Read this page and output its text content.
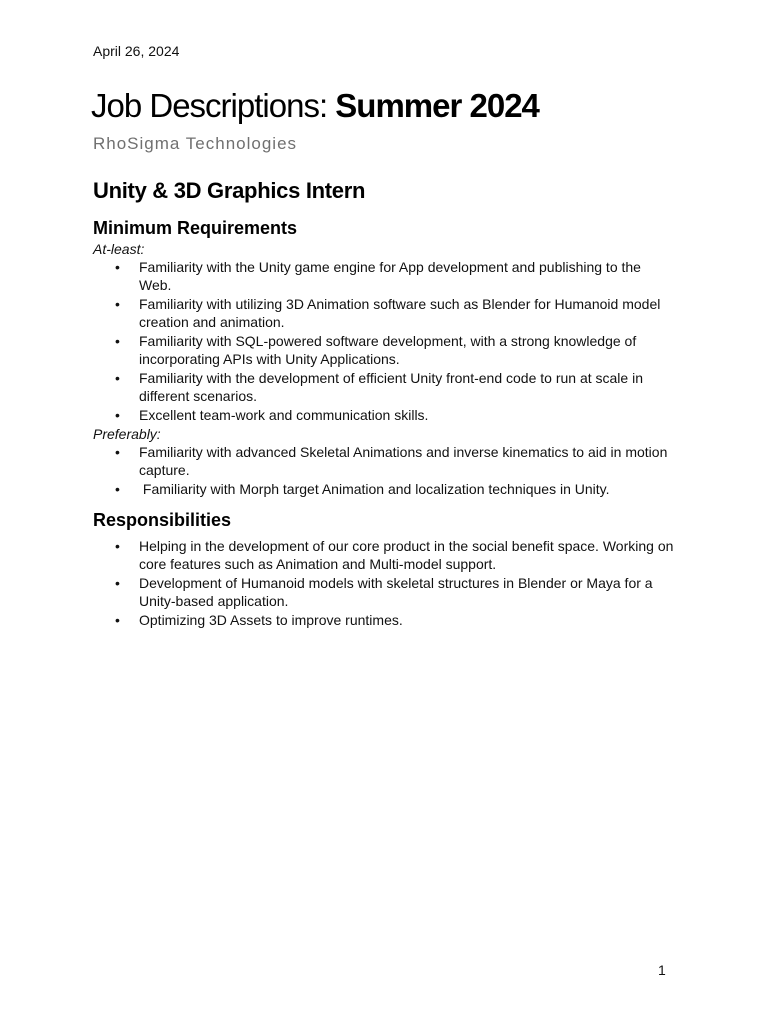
April 26, 2024
Job Descriptions: Summer 2024
RhoSigma Technologies
Unity & 3D Graphics Intern
Minimum Requirements

At-least:

• Familiarity with the Unity game engine for App development and publishing to the Web.
• Familiarity with utilizing 3D Animation software such as Blender for Humanoid model creation and animation.
• Familiarity with SQL-powered software development, with a strong knowledge of incorporating APIs with Unity Applications.
• Familiarity with the development of efficient Unity front-end code to run at scale in different scenarios.
• Excellent team-work and communication skills.

Preferably:

• Familiarity with advanced Skeletal Animations and inverse kinematics to aid in motion capture.
• Familiarity with Morph target Animation and localization techniques in Unity.
Responsibilities
• Helping in the development of our core product in the social benefit space. Working on core features such as Animation and Multi-model support.
• Development of Humanoid models with skeletal structures in Blender or Maya for a Unity-based application.
• Optimizing 3D Assets to improve runtimes.
1
